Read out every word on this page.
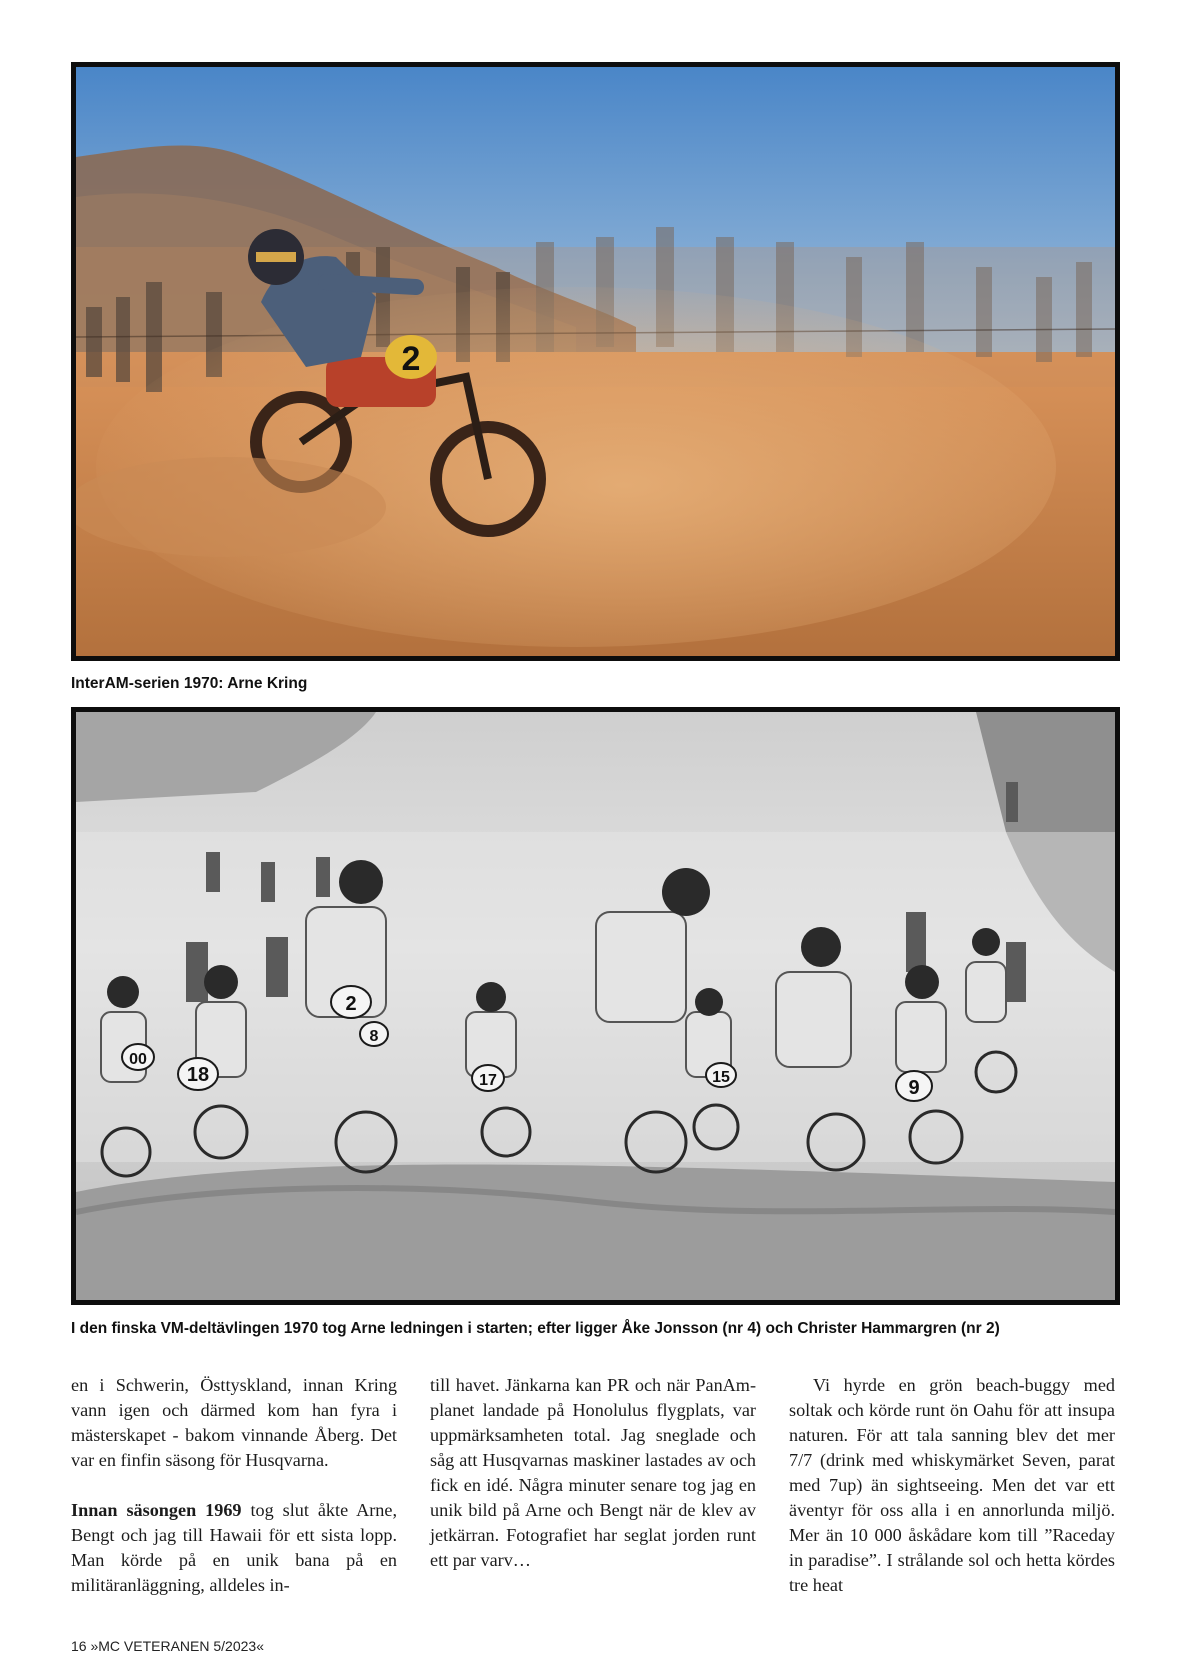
2
InterAM-serien 1970: Arne Kring
2
18
00
8
17	15	9
I den finska VM-deltävlingen 1970 tog Arne ledningen i starten; efter ligger Åke Jonsson (nr 4) och Christer Hammargren (nr 2)

en i Schwerin, Östtyskland, innan Kring vann igen och därmed kom han fyra i mästerskapet - bakom vinnande Åberg. Det var en finfin säsong för Husqvarna.

Innan säsongen 1969 tog slut åkte Arne, Bengt och jag till Hawaii för ett sista lopp. Man körde på en unik bana på en militäranläggning, alldeles in-

till havet. Jänkarna kan PR och när PanAm-planet landade på Honolulus flygplats, var uppmärksamheten total. Jag sneglade och såg att Husqvarnas maskiner lastades av och fick en idé. Några minuter senare tog jag en unik bild på Arne och Bengt när de klev av jetkärran. Fotografiet har seglat jorden runt ett par varv…

Vi hyrde en grön beach-buggy med soltak och körde runt ön Oahu för att insupa naturen. För att tala sanning blev det mer 7/7 (drink med whiskymärket Seven, parat med 7up) än sightseeing. Men det var ett äventyr för oss alla i en annorlunda miljö. Mer än 10 000 åskådare kom till ”Raceday in paradise”. I strålande sol och hetta kördes tre heat

16 »MC VETERANEN 5/2023«
